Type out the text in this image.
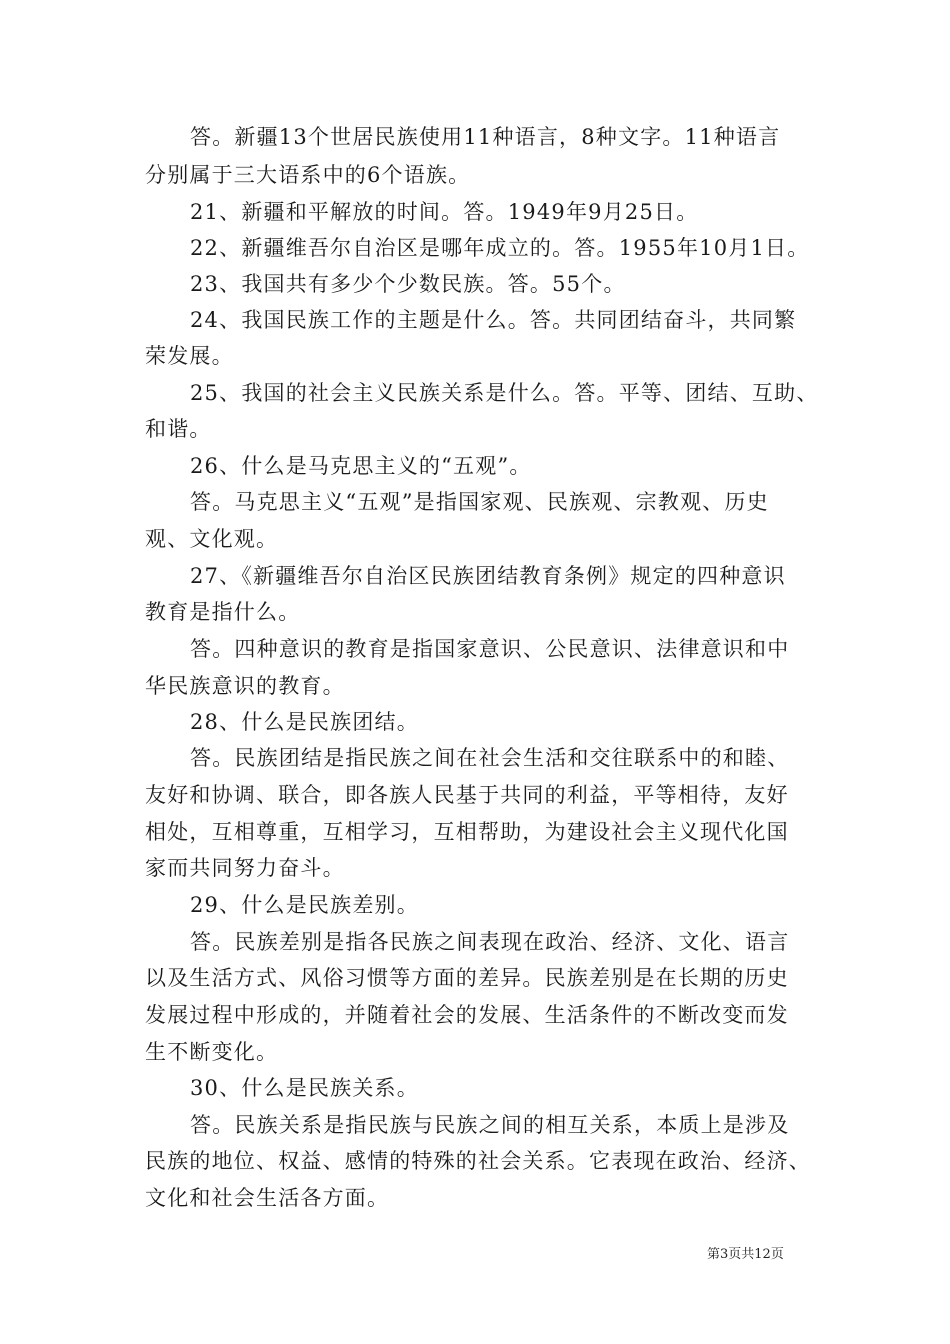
答。新疆13个世居民族使用11种语言，8种文字。11种语言
分别属于三大语系中的6个语族。
21、新疆和平解放的时间。答。1949年9月25日。
22、新疆维吾尔自治区是哪年成立的。答。1955年10月1日。
23、我国共有多少个少数民族。答。55个。
24、我国民族工作的主题是什么。答。共同团结奋斗，共同繁
荣发展。
25、我国的社会主义民族关系是什么。答。平等、团结、互助、
和谐。
26、什么是马克思主义的“五观”。
答。马克思主义“五观”是指国家观、民族观、宗教观、历史
观、文化观。
27、《新疆维吾尔自治区民族团结教育条例》规定的四种意识
教育是指什么。
答。四种意识的教育是指国家意识、公民意识、法律意识和中
华民族意识的教育。
28、什么是民族团结。
答。民族团结是指民族之间在社会生活和交往联系中的和睦、
友好和协调、联合，即各族人民基于共同的利益，平等相待，友好
相处，互相尊重，互相学习，互相帮助，为建设社会主义现代化国
家而共同努力奋斗。
29、什么是民族差别。
答。民族差别是指各民族之间表现在政治、经济、文化、语言
以及生活方式、风俗习惯等方面的差异。民族差别是在长期的历史
发展过程中形成的，并随着社会的发展、生活条件的不断改变而发
生不断变化。
30、什么是民族关系。
答。民族关系是指民族与民族之间的相互关系，本质上是涉及
民族的地位、权益、感情的特殊的社会关系。它表现在政治、经济、
文化和社会生活各方面。
第3页共12页
